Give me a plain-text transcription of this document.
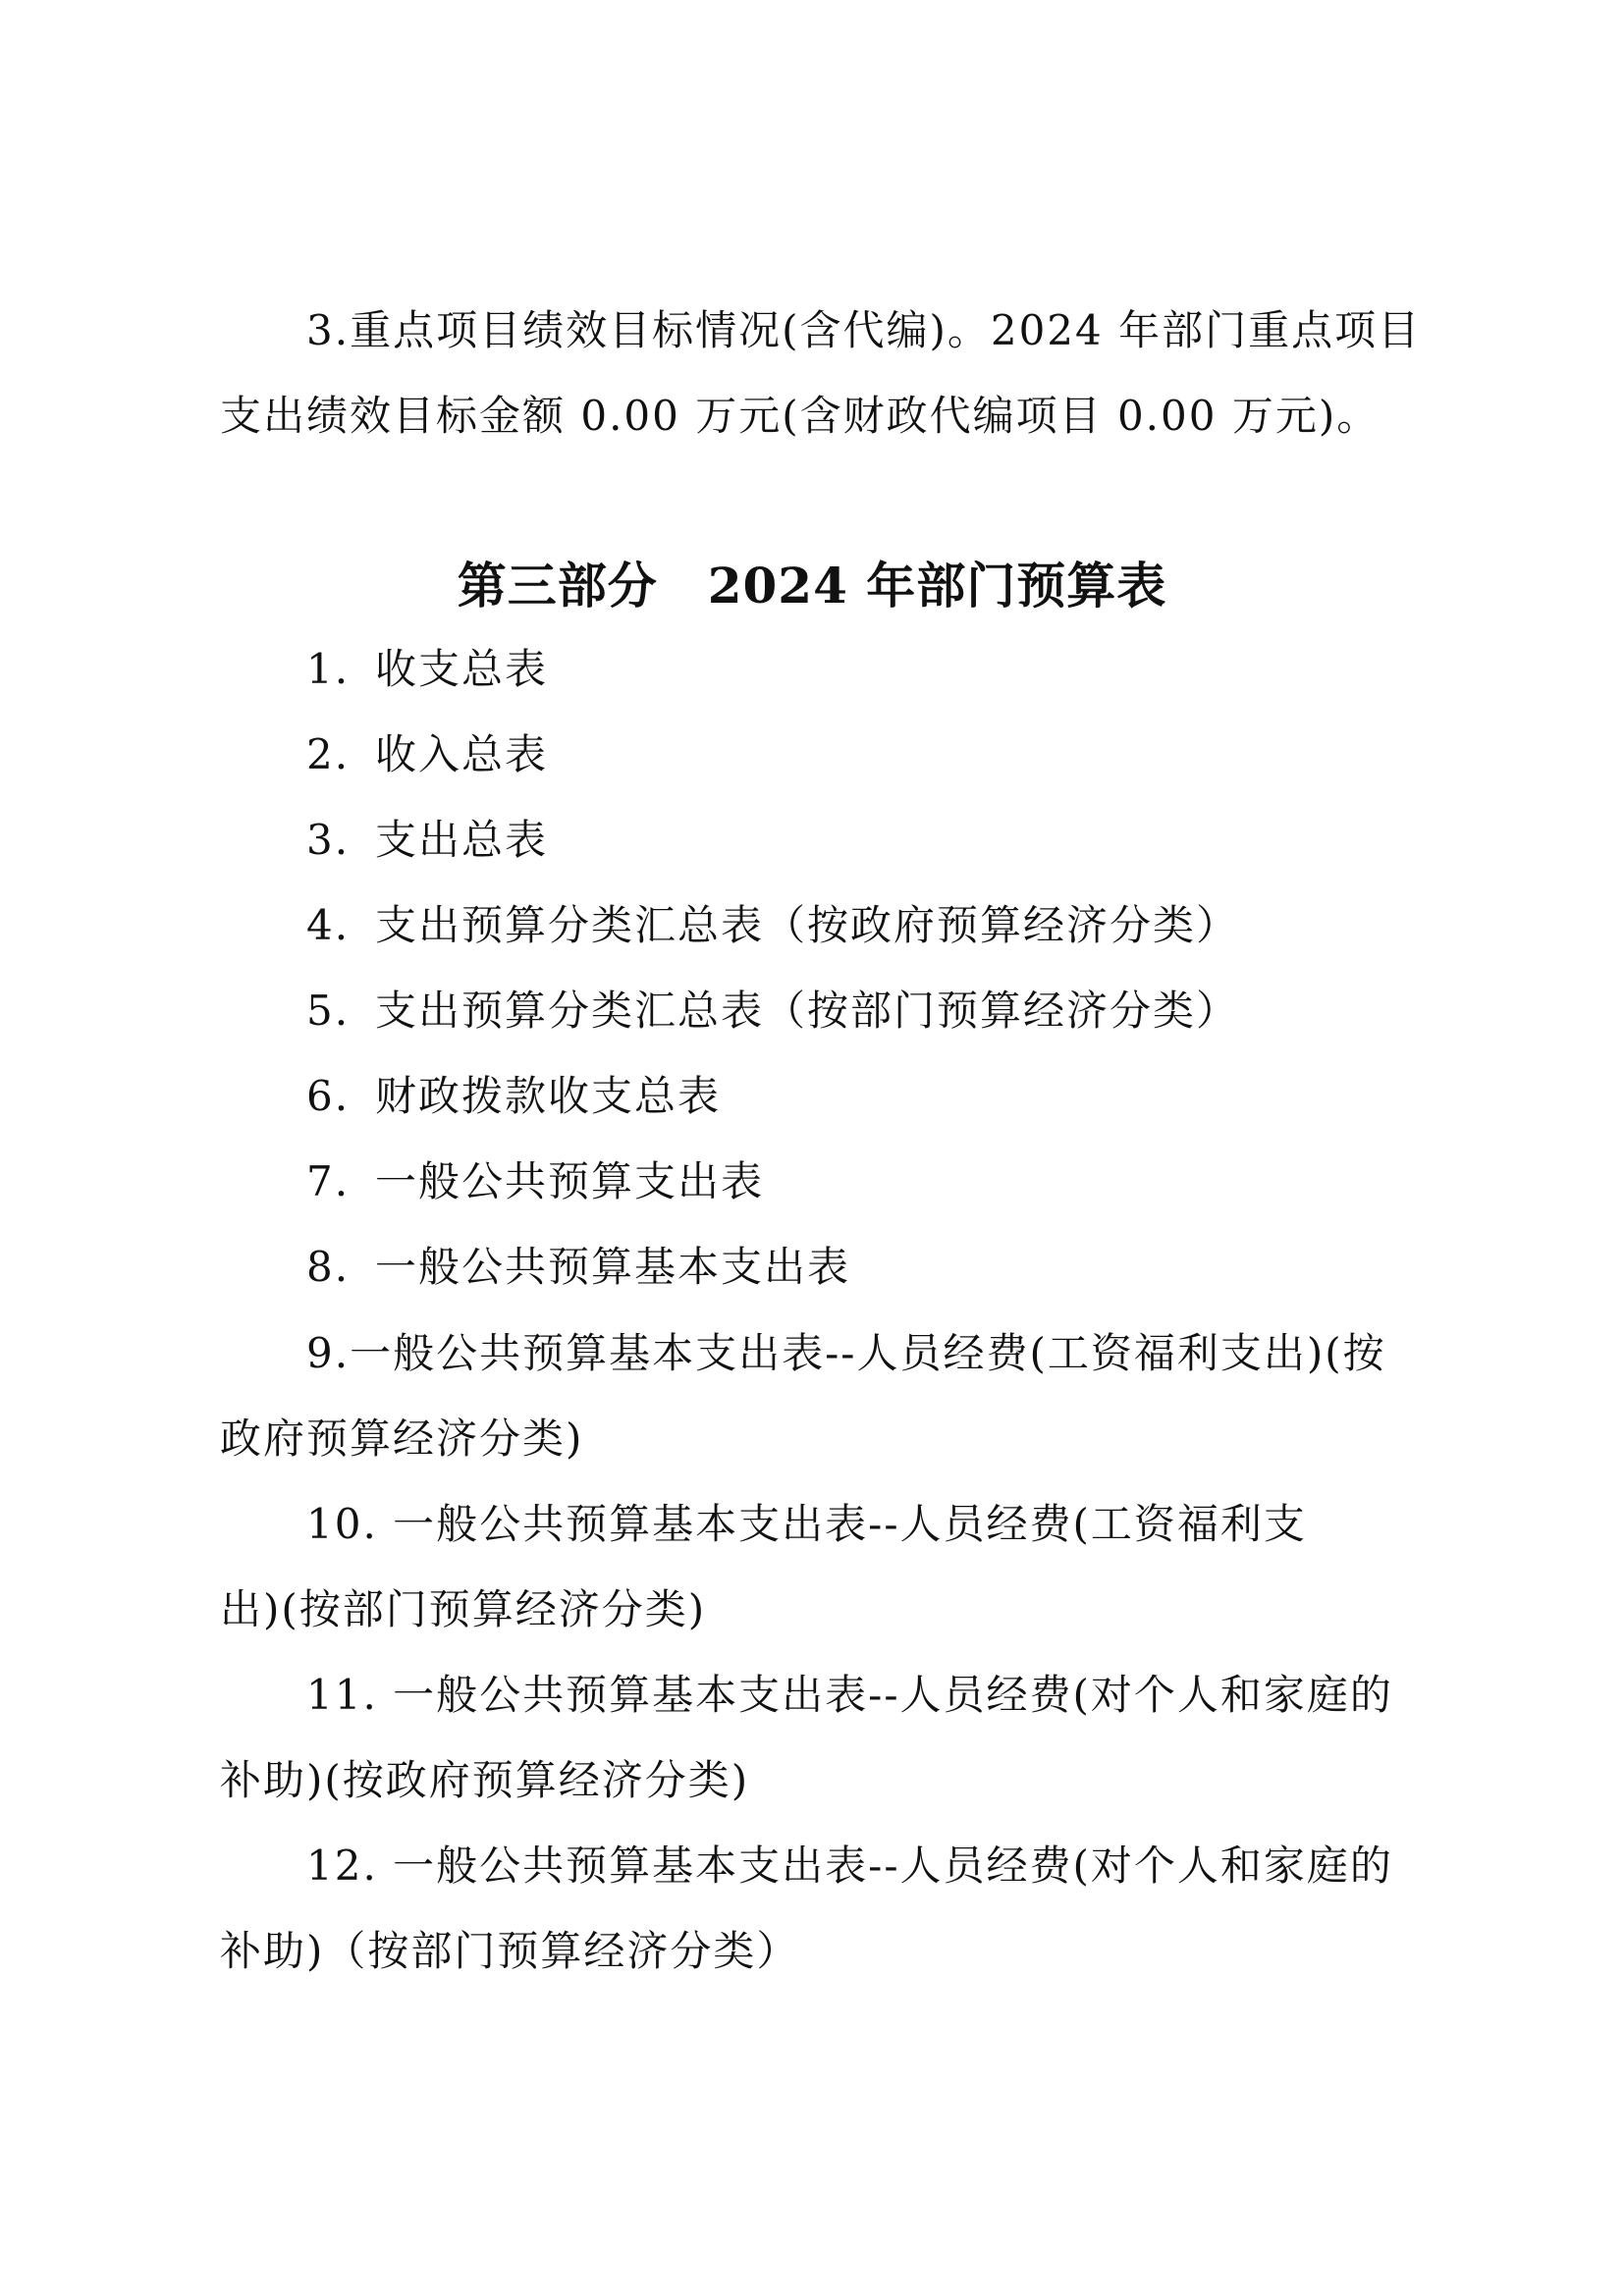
3.重点项目绩效目标情况(含代编)。2024 年部门重点项目
支出绩效目标金额 0.00 万元(含财政代编项目 0.00 万元)。
第三部分　2024 年部门预算表
1. 收支总表
2. 收入总表
3. 支出总表
4. 支出预算分类汇总表（按政府预算经济分类）
5. 支出预算分类汇总表（按部门预算经济分类）
6. 财政拨款收支总表
7. 一般公共预算支出表
8. 一般公共预算基本支出表
9.一般公共预算基本支出表--人员经费(工资福利支出)(按
政府预算经济分类)
10. 一般公共预算基本支出表--人员经费(工资福利支
出)(按部门预算经济分类)
11. 一般公共预算基本支出表--人员经费(对个人和家庭的
补助)(按政府预算经济分类)
12. 一般公共预算基本支出表--人员经费(对个人和家庭的
补助)（按部门预算经济分类）
